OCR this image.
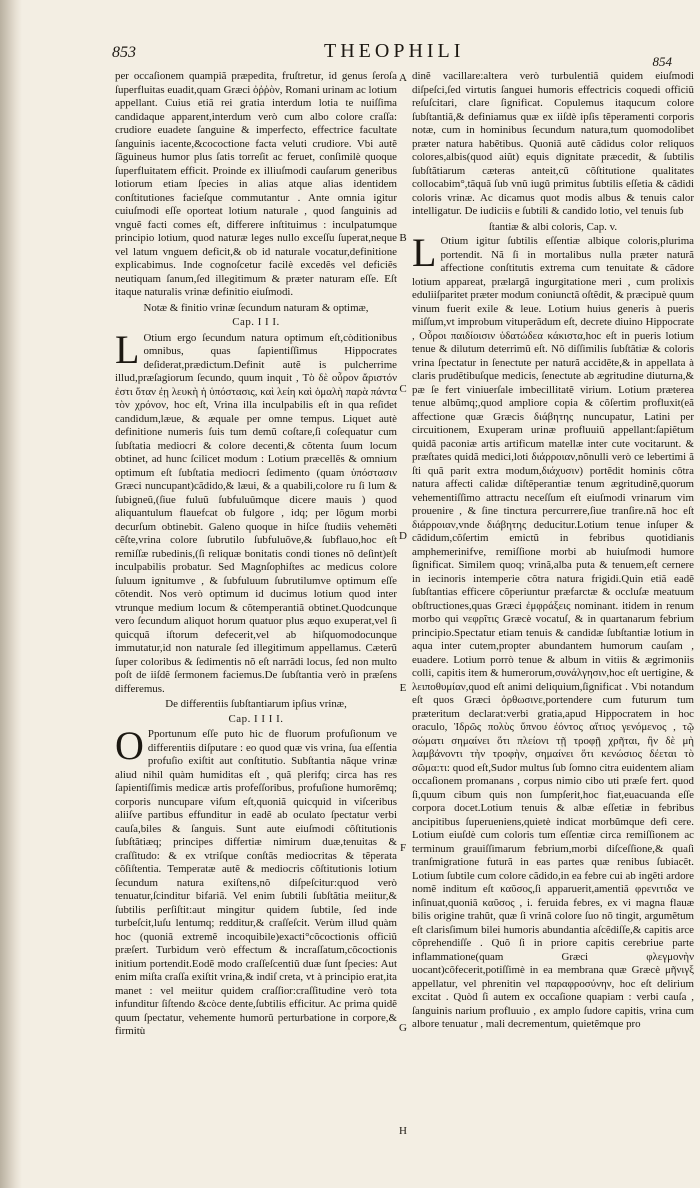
853	THEOPHILI	854
A
B
C
D
E
F
G
H

per occaſionem quampiã præpedita, fruſtretur, id genus ſeroſa ſuperfluitas euadit,quam Græci ὀῤῥὸν, Romani urinam ac lotium appellant. Cuius etiã rei gratia interdum lotia te nuiſſima candidaque apparent,interdum verò cum albo colore craſſa: crudiore euadete ſanguine & imperfecto, effectrice facultate ſanguinis iacente,&cococtione facta veluti crudiore. Vbi autẽ ſãguineus humor plus ſatis torreſit ac feruet, conſimilè quoque ſuperfluitatem efficit. Proinde ex illiuſmodi cauſarum generibus lotiorum etiam ſpecies in alias atque alias identidem conſtitutiones facieſque commutantur . Ante omnia igitur cuiuſmodi eſſe oporteat lotium naturale , quod ſanguinis ad vnguẽ facti comes eſt, differere inſtituimus : inculpatumque principio lotium, quod naturæ leges nullo exceſſu ſuperat,neque vel latum vnguem deficit,& ob id naturale vocatur,definitione explicabimus. Inde cognoſcetur facilè excedẽs vel deficiẽs neutiquam ſanum,ſed illegitimum & præter naturam eſſe. Eſt itaque naturalis vrinæ definitio eiuſmodi.

Notæ & finitio vrinæ ſecundum naturam & optimæ,

Cap. I I I.

L Otium ergo ſecundum natura optimum eſt,còditionibus omnibus, quas ſapientiſſimus Hippocrates deſiderat,prædictum.Definit autẽ is pulcherrime illud,præſagiorum ſecundo, quum inquit , Τὸ δὲ οὖρον ἄριστόν ἐστι ὅταν ἐῃ λευκὴ ἡ ὑπόστασις, καὶ λείη καὶ ὁμαλὴ παρὰ πάντα τὸν χρόνον, hoc eſt, Vrina illa inculpabilis eſt in qua reſidet candidum,læue, & æquale per omne tempus. Liquet autè definitione numeris ſuis tum demũ coſtare,ſi coſequatur cum ſubſtatia mediocri & colore decenti,& cõtenta ſuum locum obtinet, ad hunc ſcilicet modum : Lotium præcellẽs & omnium optimum eſt ſubſtatia mediocri ſedimento (quam ὑπόστασιν Græci nuncupant)cãdido,& læui, & a quabili,colore ru ſi lum & ſubigneũ,(ſiue fuluũ ſubfuluũmque dicere mauis ) quod aliquantulum flauefcat ob fulgore , idq; per lõgum morbi decurſum obtinebit. Galeno quoque in hiſce ſtudiis vehemẽti cẽſte,vrina colore ſubrutilo ſubfuluõve,& ſubflauo,hoc eſt remiſſæ rubedinis,(ſi reliquæ bonitatis condi tiones nõ deſint)eſt inculpabilis probatur. Sed Magnſophiſtes ac medicus colore ſuluum ignitumve , & ſubfuluum ſubrutilumve optimum eſſe cõtendit. Nos verò optimum id ducimus lotium quod inter vtrunque medium locum & cõtemperantiã obtinet.Quodcunque vero ſecundum aliquot horum quatuor plus æquo exuperat,vel ſi quicquã iſtorum defecerit,vel ab hiſquomodocunque immutatur,id non naturale ſed illegitimum appellamus. Cæterũ ſuper coloribus & ſedimentis nõ eſt narrãdi locus, ſed non multo poſt de iiſdẽ ſermonem faciemus.De ſubſtantia verò in præſens differemus.

De differentiis ſubſtantiarum ipſius vrinæ,

Cap. I I I I.

O Pportunum eſſe puto hic de fluorum profuſionum ve differentiis diſputare : eo quod quæ vis vrina, ſua eſſentia profuſio exiſtit aut conſtitutio. Subſtantia nãque vrinæ aliud nihil quàm humiditas eſt , quã plerifq; circa has res ſapientiſſimis medicæ artis profeſſoribus, profuſione humorẽmq; corporis nuncupare viſum eſt,quoniã quicquid in viſceribus aliiſve partibus effunditur in eadẽ ab oculato ſpectatur verbi cauſa,biles & ſanguis. Sunt aute eiuſmodi cõſtitutionis ſubſtãtiæq; principes differtiæ nimirum duæ,tenuitas & craſſitudo: & ex vtriſque conſtãs mediocritas & tẽperata cõſiſtentia. Temperatæ autẽ & mediocris cõſtitutionis lotium ſecundum natura exiſtens,nõ diſpeſcitur:quod verò tenuatur,ſcinditur bifariã. Vel enim ſubtili ſubſtãtia meiitur,& ſubtilis perſiſtit:aut mingitur quidem ſubtile, ſed inde turbeſcit,luſu lentumq; redditur,& craſſeſcit. Verùm illud quàm hoc (quoniã extremẽ incoquibile)exacti°cõcoctionis officiũ præſert. Turbidum verò effectum & incraſſatum,cõcoctionis initium portendit.Eodẽ modo craſſeſcentiũ duæ ſunt ſpecies: Aut enim miſta craſſa exiſtit vrina,& indiſ creta, vt à principio erat,ita manet : vel meiitur quidem craſſior:craſſitudine verò tota infunditur ſiſtendo &còce dente,ſubtilis efficitur. Ac prima quidẽ quum ſpectatur, vehemente humorũ perturbatione in corpore,& firmitù

dinẽ vacillare:altera verò turbulentiã quidem eiuſmodi diſpeſci,ſed virtutis ſanguei humoris effectricis coquedi officiũ reſuſcitari, clare ſignificat. Copulemus itaqucum colore ſubſtantiã,& definiamus quæ ex iiſdè ipſis tẽperamenti corporis notæ, cum in hominibus ſecundum natura,tum quomodolibet præter natura habẽtibus. Quoniã autẽ cãdidus color reliquos colores,albis(quod aiũt) equis dignitate præcedit, & ſubtilis ſubſtãtiarum cæteras anteit,cũ cõſtitutione qualitates collocabim°,tãquã ſub vnũ iugũ primitus ſubtilis eſſetia & cãdidi coloris vrinæ. Ac dicamus quot modis albus & tenuis calor intelligatur. De iudiciis e ſubtili & candido lotio, vel tenuis ſub

ſtantiæ & albi coloris, Cap. v.

L Otium igitur ſubtilis eſſentiæ albique coloris,plurima portendit. Nã ſi in mortalibus nulla præter naturã affectione conſtitutis extrema cum tenuitate & cãdore lotium appareat, prælargã ingurgitatione meri , cum prolixis eduliiſparitet præter modum coniunctã oſtẽdit, & præcipuè quum vinum fuerit exile & leue. Lotium huius generis à pueris miſſum,vt improbum vituperãdum eſt, decrete diuino Hippocrate , Οὗροι παιδίοισιν ὑδατώδεα κάκιστα,hoc eſt in pueris lotium tenue & dilutum deterrimũ eſt. Nõ diſſimilis ſubſtãtiæ & coloris vrina ſpectatur in ſenectute per naturã accidẽte,& in appellata à claris prudẽtibuſque medicis, ſenectute ab ægritudine diuturna,& pæ ſe fert viniuerſale imbecillitatẽ virium. Lotium præterea tenue albũmq;,quod ampliore copia & cõſertim profluxit(eã affectione quæ Græcis διάβητης nuncupatur, Latini per circuitionem, Exuperam urinæ profluuiũ appellant:ſapiẽtum quidã paconiæ artis artificum matellæ inter cute vocitarunt. & præſtates quidã medici,loti διάρροιαν,nõnulli verò ce lebertimi ã ſti quã parit extra modum,διάχυσιν) portẽdit hominis cõtra natura affecti calidæ diſtẽperantiæ tenum ægritudinẽ,quorum vehementiſſimo attractu neceſſum eſt eiuſmodi vrinarum vim prouenire , & ſine tinctura percurrere,ſiue tranſire.nã hoc eſt διάρροιαν,vnde διάβητης deducitur.Lotium tenue inſuper & cãdidum,cõſertim emictũ in febribus quotidianis amphemerinifve, remiſſione morbi ab huiuſmodi humore ſignificat. Similem quoq; vrinã,alba puta & tenuem,eſt cernere in iecinoris intemperie cõtra natura frigidi.Quin etiã eadẽ ſubſtantias efficere cõperiuntur præfarctæ & occluſæ meatuum obſtructiones,quas Græci ἐμφράξεις nominant. itidem in renum morbo qui νεφρῖτις Græcè vocatuſ, & in quartanarum febrium principio.Spectatur etiam tenuis & candidæ ſubſtantiæ lotium in aqua inter cutem,propter abundantem humorum cauſam , euadere. Lotium porrò tenue & album in vitiis & ægrimoniis colli, capitis item & humerorum,συνάλγησιν,hoc eſt uertigine, & λειποθυμίαν,quod eſt animi deliquium,ſignificat . Vbi notandum eſt quos Græci ὀρθωσινε,portendere cum futurum tum præteritum declarat:verbi gratia,apud Hippocratem in hoc oraculo, Ἱδρῶς πολὺς ὕπνου ἐόντος αἴτιος γενόμενος , τῷ σώματι σημαίνει ὅτι πλείονι τῇ τροφῇ χρῆται, ἢν δὲ μὴ λαμβάνοντι τὴν τροφὴν, σημαίνει ὅτι κενώσιος δέεται τὸ σῶμα:τι: quod eſt,Sudor multus ſub ſomno citra euidentem aliam occaſionem promanans , corpus nimio cibo uti præſe fert. quod ſi,quum cibum quis non ſumpſerit,hoc fiat,euacuanda eſſe corpora docet.Lotium tenuis & albæ eſſetiæ in febribus ancipitibus ſuperueniens,quietè indicat morbũmque defi cere. Lotium eiuſdè cum coloris tum eſſentiæ circa remiſſionem ac terminum grauiſſimarum febrium,morbi diſceſſione,& quaſi tranſmigratione futurã in eas partes quæ renibus ſubiacẽt. Lotium ſubtile cum colore cãdido,in ea febre cui ab ingẽti ardore nomẽ inditum eſt καῦσος,ſi apparuerit,amentiã φρενιτιδα ve inſinuat,quoniã καῦσος , i. feruida febres, ex vi magna flauæ bilis origine trahũt, quæ ſi vrinã colore ſuo nõ tingit, argumẽtum eſt clarisſimum bilei humoris abundantia aſcẽdiſſe,& capitis arce cõprehendiſſe . Quõ ſi in priore capitis cerebriue parte inflammatione(quam Græci φλεγμονὴν uocant)cõfecerit,potiſſimè in ea membrana quæ Græcè μῆνιγξ appellatur, vel phrenitin vel παραφροσύνην, hoc eſt delirium excitat . Quòd ſi autem ex occaſione quapiam : verbi cauſa , ſanguinis narium profluuio , ex amplo ſudore capitis, vrina cum albore tenuatur , mali decrementum, quietẽmque pro
